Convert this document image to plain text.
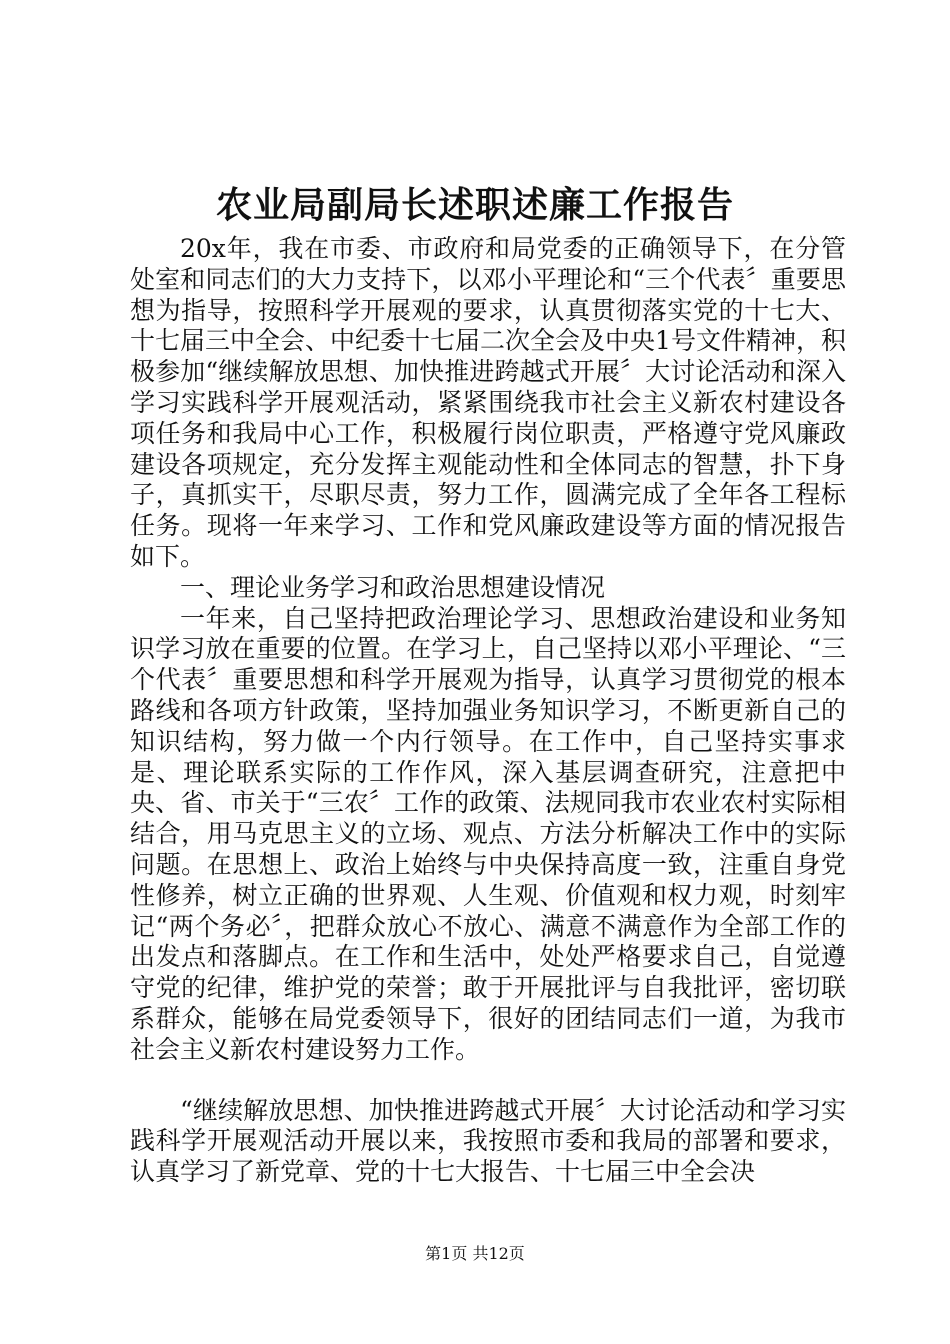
农业局副局长述职述廉工作报告

20x年，我在市委、市政府和局党委的正确领导下，在分管处室和同志们的大力支持下，以邓小平理论和“三个代表〞重要思想为指导，按照科学开展观的要求，认真贯彻落实党的十七大、十七届三中全会、中纪委十七届二次全会及中央1号文件精神，积极参加“继续解放思想、加快推进跨越式开展〞大讨论活动和深入学习实践科学开展观活动，紧紧围绕我市社会主义新农村建设各项任务和我局中心工作，积极履行岗位职责，严格遵守党风廉政建设各项规定，充分发挥主观能动性和全体同志的智慧，扑下身子，真抓实干，尽职尽责，努力工作，圆满完成了全年各工程标任务。现将一年来学习、工作和党风廉政建设等方面的情况报告如下。

一、理论业务学习和政治思想建设情况

一年来，自己坚持把政治理论学习、思想政治建设和业务知识学习放在重要的位置。在学习上，自己坚持以邓小平理论、“三个代表〞重要思想和科学开展观为指导，认真学习贯彻党的根本路线和各项方针政策，坚持加强业务知识学习，不断更新自己的知识结构，努力做一个内行领导。在工作中，自己坚持实事求是、理论联系实际的工作作风，深入基层调查研究，注意把中央、省、市关于“三农〞工作的政策、法规同我市农业农村实际相结合，用马克思主义的立场、观点、方法分析解决工作中的实际问题。在思想上、政治上始终与中央保持高度一致，注重自身党性修养，树立正确的世界观、人生观、价值观和权力观，时刻牢记“两个务必〞，把群众放心不放心、满意不满意作为全部工作的出发点和落脚点。在工作和生活中，处处严格要求自己，自觉遵守党的纪律，维护党的荣誉；敢于开展批评与自我批评，密切联系群众，能够在局党委领导下，很好的团结同志们一道，为我市社会主义新农村建设努力工作。

“继续解放思想、加快推进跨越式开展〞大讨论活动和学习实践科学开展观活动开展以来，我按照市委和我局的部署和要求，认真学习了新党章、党的十七大报告、十七届三中全会决

第1页 共12页
